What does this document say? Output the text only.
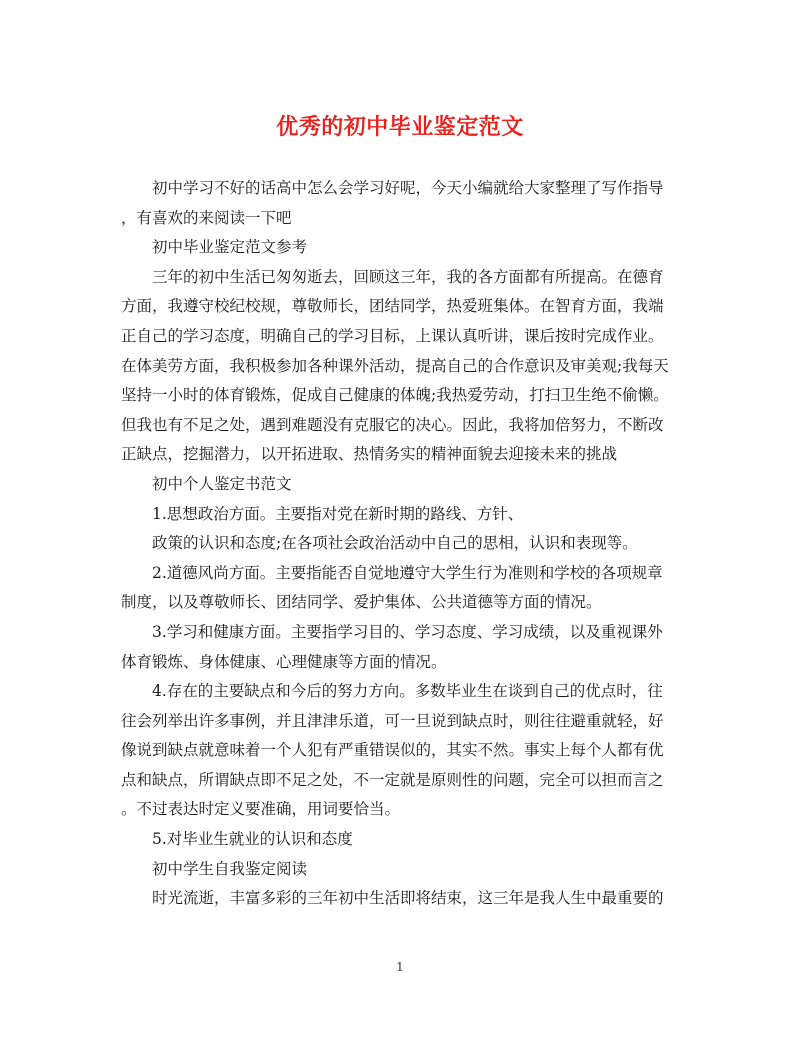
优秀的初中毕业鉴定范文
初中学习不好的话高中怎么会学习好呢，今天小编就给大家整理了写作指导
，有喜欢的来阅读一下吧
初中毕业鉴定范文参考
三年的初中生活已匆匆逝去，回顾这三年，我的各方面都有所提高。在德育
方面，我遵守校纪校规，尊敬师长，团结同学，热爱班集体。在智育方面，我端
正自己的学习态度，明确自己的学习目标，上课认真听讲，课后按时完成作业。
在体美劳方面，我积极参加各种课外活动，提高自己的合作意识及审美观;我每天
坚持一小时的体育锻炼，促成自己健康的体魄;我热爱劳动，打扫卫生绝不偷懒。
但我也有不足之处，遇到难题没有克服它的决心。因此，我将加倍努力，不断改
正缺点，挖掘潜力，以开拓进取、热情务实的精神面貌去迎接未来的挑战
初中个人鉴定书范文
1.思想政治方面。主要指对党在新时期的路线、方针、
政策的认识和态度;在各项社会政治活动中自己的思相，认识和表现等。
2.道德风尚方面。主要指能否自觉地遵守大学生行为准则和学校的各项规章
制度，以及尊敬师长、团结同学、爱护集体、公共道德等方面的情况。
3.学习和健康方面。主要指学习目的、学习态度、学习成绩，以及重视课外
体育锻炼、身体健康、心理健康等方面的情况。
4.存在的主要缺点和今后的努力方向。多数毕业生在谈到自己的优点时，往
往会列举出许多事例，并且津津乐道，可一旦说到缺点时，则往往避重就轻，好
像说到缺点就意味着一个人犯有严重错误似的，其实不然。事实上每个人都有优
点和缺点，所谓缺点即不足之处，不一定就是原则性的问题，完全可以担而言之
。不过表达时定义要准确，用词要恰当。
5.对毕业生就业的认识和态度
初中学生自我鉴定阅读
时光流逝，丰富多彩的三年初中生活即将结束，这三年是我人生中最重要的
1
